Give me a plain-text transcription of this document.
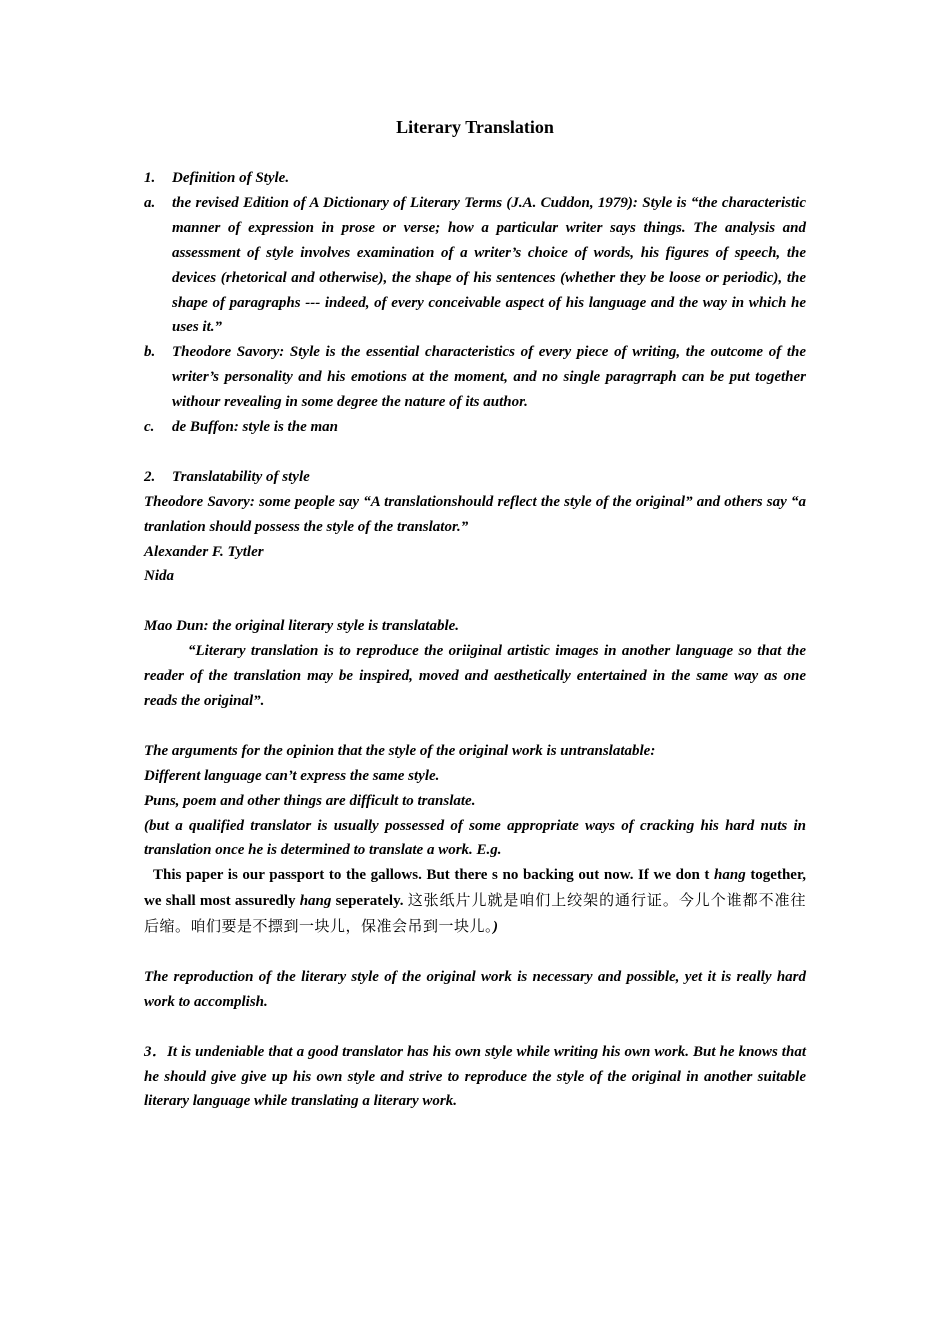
Literary Translation
1.	Definition of Style.
a.	the revised Edition of A Dictionary of Literary Terms (J.A. Cuddon, 1979): Style is “the characteristic manner of expression in prose or verse; how a particular writer says things. The analysis and assessment of style involves examination of a writer’s choice of words, his figures of speech, the devices (rhetorical and otherwise), the shape of his sentences (whether they be loose or periodic), the shape of paragraphs --- indeed, of every conceivable aspect of his language and the way in which he uses it.”
b.	Theodore Savory: Style is the essential characteristics of every piece of writing, the outcome of the writer’s personality and his emotions at the moment, and no single paragrraph can be put together withour revealing in some degree the nature of its author.
c.	de Buffon: style is the man
2.	Translatability of style

Theodore Savory: some people say “A translationshould reflect the style of the original” and others say “a tranlation should possess the style of the translator.”

Alexander F. Tytler

Nida

Mao Dun: the original literary style is translatable.

“Literary translation is to reproduce the oriiginal artistic images in another language so that the reader of the translation may be inspired, moved and aesthetically entertained in the same way as one reads the original”.

The arguments for the opinion that the style of the original work is untranslatable:

Different language can’t express the same style.

Puns, poem and other things are difficult to translate.

(but a qualified translator is usually possessed of some appropriate ways of cracking his hard nuts in translation once he is determined to translate a work. E.g.

This paper is our passport to the gallows. But there s no backing out now. If we don t hang together, we shall most assuredly hang seperately. 这张纸片儿就是咱们上绞架的通行证。今儿个谁都不准往后缩。咱们要是不摽到一块儿，保准会吊到一块儿。)

The reproduction of the literary style of the original work is necessary and possible, yet it is really hard work to accomplish.

3．It is undeniable that a good translator has his own style while writing his own work. But he knows that he should give give up his own style and strive to reproduce the style of the original in another suitable literary language while translating a literary work.
